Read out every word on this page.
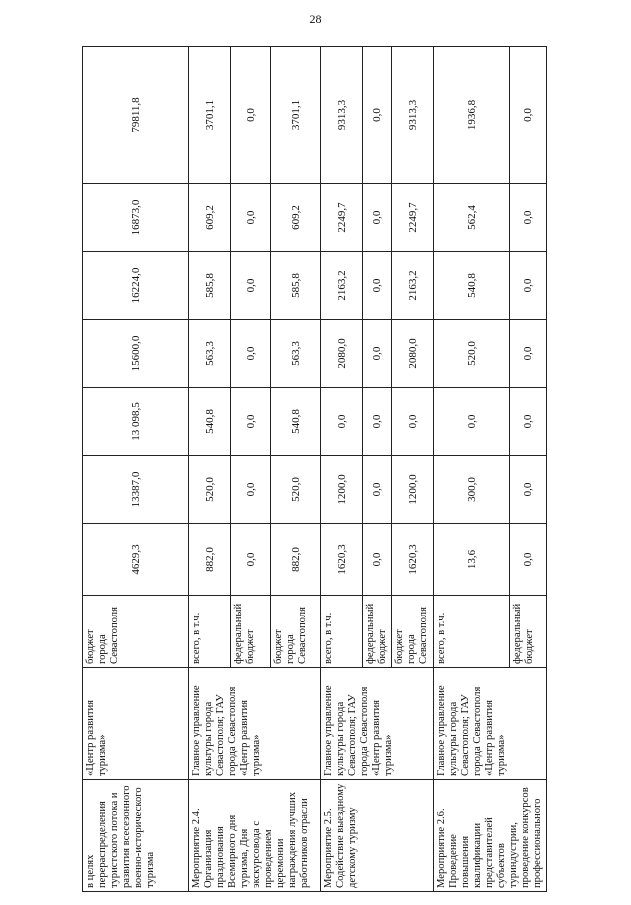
28
в целях перераспределения туристского потока и развития всесезонного военно-исторического туризма	«Центр развития туризма»	бюджет города Севастополя	4629,3	13387,0	13 098,5	15600,0	16224,0	16873,0	79811,8
Мероприятие 2.4. Организация празднования Всемирного дня туризма, Дня экскурсовода с проведением церемонии награждения лучших работников отрасли	Главное управление культуры города Севастополя; ГАУ города Севастополя «Центр развития туризма»	всего, в т.ч.	882,0	520,0	540,8	563,3	585,8	609,2	3701,1
		федеральный бюджет	0,0	0,0	0,0	0,0	0,0	0,0	0,0
		бюджет города Севастополя	882,0	520,0	540,8	563,3	585,8	609,2	3701,1
Мероприятие 2.5. Содействие выездному детскому туризму	Главное управление культуры города Севастополя; ГАУ города Севастополя «Центр развития туризма»	всего, в т.ч.	1620,3	1200,0	0,0	2080,0	2163,2	2249,7	9313,3
		федеральный бюджет	0,0	0,0	0,0	0,0	0,0	0,0	0,0
		бюджет города Севастополя	1620,3	1200,0	0,0	2080,0	2163,2	2249,7	9313,3
Мероприятие 2.6. Проведение повышения квалификации представителей субъектов туриндустрии, проведение конкурсов профессионального	Главное управление культуры города Севастополя; ГАУ города Севастополя «Центр развития туризма»	всего, в т.ч.	13,6	300,0	0,0	520,0	540,8	562,4	1936,8
		федеральный бюджет	0,0	0,0	0,0	0,0	0,0	0,0	0,0
